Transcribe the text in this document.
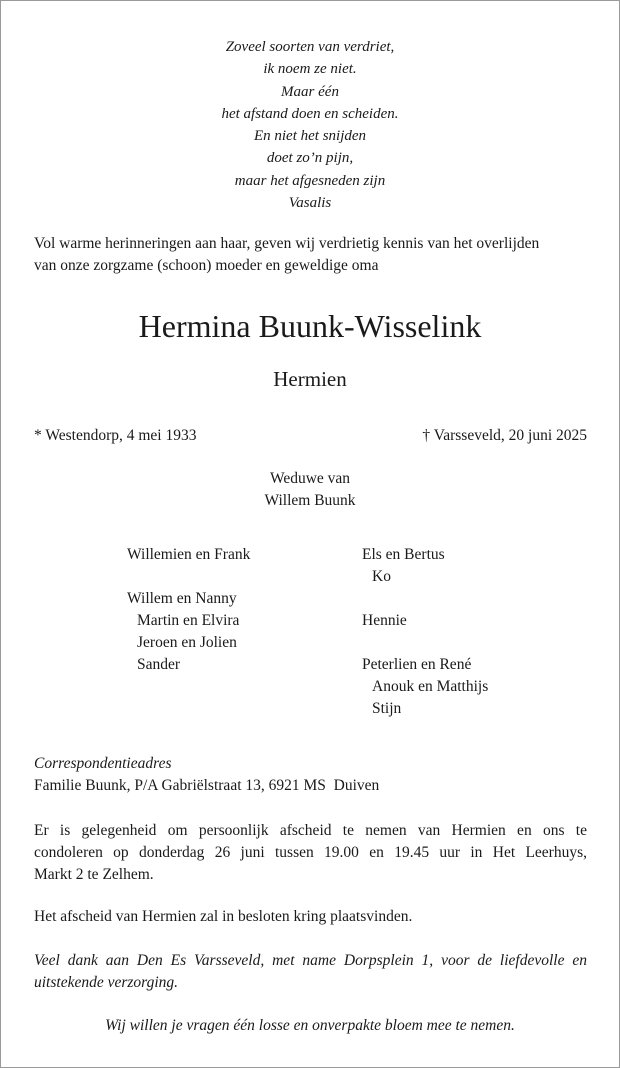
Zoveel soorten van verdriet,
ik noem ze niet.
Maar één
het afstand doen en scheiden.
En niet het snijden
doet zo’n pijn,
maar het afgesneden zijn
Vasalis
Vol warme herinneringen aan haar, geven wij verdrietig kennis van het overlijden
van onze zorgzame (schoon) moeder en geweldige oma
Hermina Buunk-Wisselink
Hermien
* Westendorp, 4 mei 1933	† Varsseveld, 20 juni 2025
Weduwe van
Willem Buunk
Willemien en Frank
Willem en Nanny
Martin en Elvira
Jeroen en Jolien
Sander
Els en Bertus
Ko
Hennie
Peterlien en René
Anouk en Matthijs
Stijn
Correspondentieadres
Familie Buunk, P/A Gabriëlstraat 13, 6921 MS  Duiven
Er is gelegenheid om persoonlijk afscheid te nemen van Hermien en ons te
condoleren op donderdag 26 juni tussen 19.00 en 19.45 uur in Het Leerhuys,
Markt 2 te Zelhem.
Het afscheid van Hermien zal in besloten kring plaatsvinden.
Veel dank aan Den Es Varsseveld, met name Dorpsplein 1, voor de liefdevolle en
uitstekende verzorging.
Wij willen je vragen één losse en onverpakte bloem mee te nemen.
